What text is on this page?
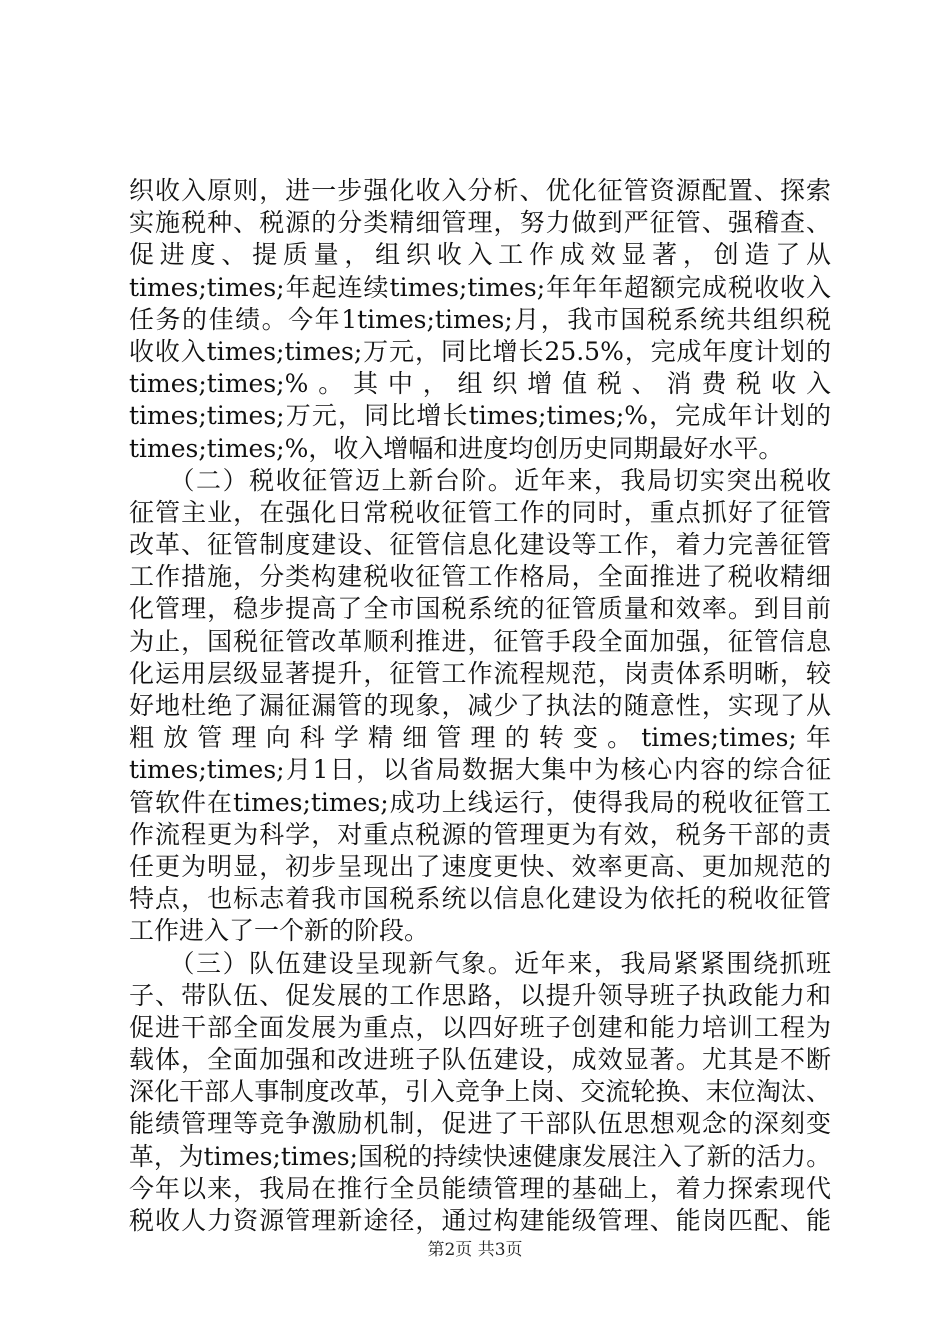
织收入原则，进一步强化收入分析、优化征管资源配置、探索
实施税种、税源的分类精细管理，努力做到严征管、强稽查、
促进度、提质量，组织收入工作成效显著，创造了从
times;times;年起连续times;times;年年年超额完成税收收入
任务的佳绩。今年1times;times;月，我市国税系统共组织税
收收入times;times;万元，同比增长25.5%，完成年度计划的
times;times;%。其中，组织增值税、消费税收入
times;times;万元，同比增长times;times;%，完成年计划的
times;times;%，收入增幅和进度均创历史同期最好水平。
　　（二）税收征管迈上新台阶。近年来，我局切实突出税收
征管主业，在强化日常税收征管工作的同时，重点抓好了征管
改革、征管制度建设、征管信息化建设等工作，着力完善征管
工作措施，分类构建税收征管工作格局，全面推进了税收精细
化管理，稳步提高了全市国税系统的征管质量和效率。到目前
为止，国税征管改革顺利推进，征管手段全面加强，征管信息
化运用层级显著提升，征管工作流程规范，岗责体系明晰，较
好地杜绝了漏征漏管的现象，减少了执法的随意性，实现了从
粗放管理向科学精细管理的转变。times;times;年
times;times;月1日，以省局数据大集中为核心内容的综合征
管软件在times;times;成功上线运行，使得我局的税收征管工
作流程更为科学，对重点税源的管理更为有效，税务干部的责
任更为明显，初步呈现出了速度更快、效率更高、更加规范的
特点，也标志着我市国税系统以信息化建设为依托的税收征管
工作进入了一个新的阶段。
　　（三）队伍建设呈现新气象。近年来，我局紧紧围绕抓班
子、带队伍、促发展的工作思路，以提升领导班子执政能力和
促进干部全面发展为重点，以四好班子创建和能力培训工程为
载体，全面加强和改进班子队伍建设，成效显著。尤其是不断
深化干部人事制度改革，引入竞争上岗、交流轮换、末位淘汰、
能绩管理等竞争激励机制，促进了干部队伍思想观念的深刻变
革，为times;times;国税的持续快速健康发展注入了新的活力。
今年以来，我局在推行全员能绩管理的基础上，着力探索现代
税收人力资源管理新途径，通过构建能级管理、能岗匹配、能
第2页 共3页
